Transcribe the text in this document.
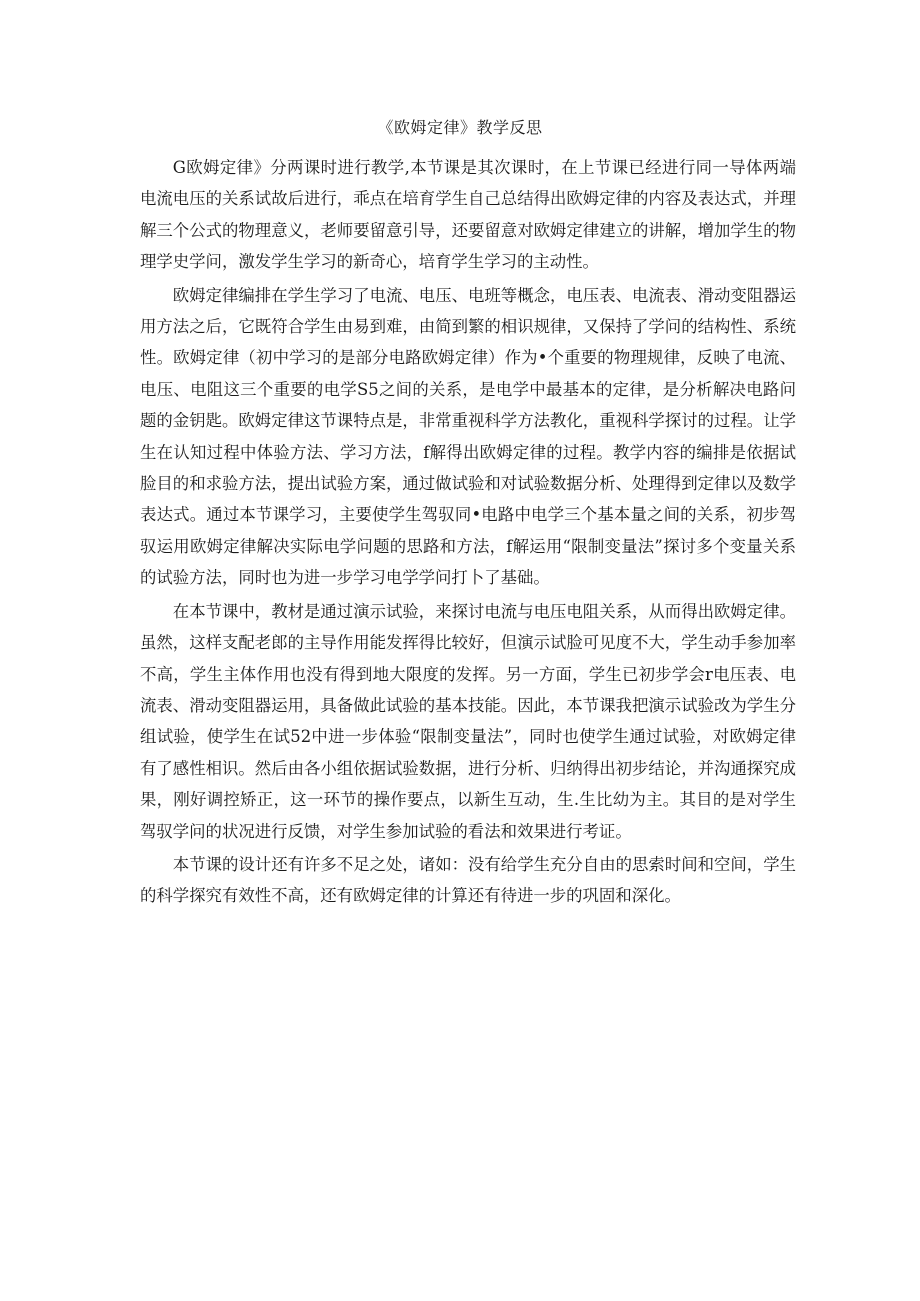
《欧姆定律》教学反思

G欧姆定律》分两课时进行教学,本节课是其次课时，在上节课已经进行同一导体两端电流电压的关系试故后进行，乖点在培育学生自己总结得出欧姆定律的内容及表达式，并理解三个公式的物理意义，老师要留意引导，还要留意对欧姆定律建立的讲解，增加学生的物理学史学问，激发学生学习的新奇心，培育学生学习的主动性。

欧姆定律编排在学生学习了电流、电压、电班等概念，电压表、电流表、滑动变阻器运用方法之后，它既符合学生由易到难，由简到繁的相识规律，又保持了学问的结构性、系统性。欧姆定律（初中学习的是部分电路欧姆定律）作为•个重要的物理规律，反映了电流、电压、电阻这三个重要的电学S5之间的关系，是电学中最基本的定律，是分析解决电路问题的金钥匙。欧姆定律这节课特点是，非常重视科学方法教化，重视科学探讨的过程。让学生在认知过程中体验方法、学习方法，f解得出欧姆定律的过程。教学内容的编排是依据试脸目的和求验方法，提出试验方案，通过做试验和对试验数据分析、处理得到定律以及数学表达式。通过本节课学习，主要使学生驾驭同•电路中电学三个基本量之间的关系，初步驾驭运用欧姆定律解决实际电学问题的思路和方法，f解运用“限制变量法”探讨多个变量关系的试验方法，同时也为进一步学习电学学问打卜了基础。

在本节课中，教材是通过演示试验，来探讨电流与电压电阻关系，从而得出欧姆定律。虽然，这样支配老郎的主导作用能发挥得比较好，但演示试脸可见度不大，学生动手参加率不高，学生主体作用也没有得到地大限度的发挥。另一方面，学生已初步学会r电压表、电流表、滑动变阻器运用，具备做此试验的基本技能。因此，本节课我把演示试验改为学生分组试验，使学生在试52中进一步体验“限制变量法”，同时也使学生通过试验，对欧姆定律有了感性相识。然后由各小组依据试验数据，进行分析、归纳得出初步结论，并沟通探究成果，刚好调控矫正，这一环节的操作要点，以新生互动，生.生比幼为主。其目的是对学生驾驭学问的状况进行反馈，对学生参加试验的看法和效果进行考证。

本节课的设计还有许多不足之处，诸如：没有给学生充分自由的思索时间和空间，学生的科学探究有效性不高，还有欧姆定律的计算还有待进一步的巩固和深化。
